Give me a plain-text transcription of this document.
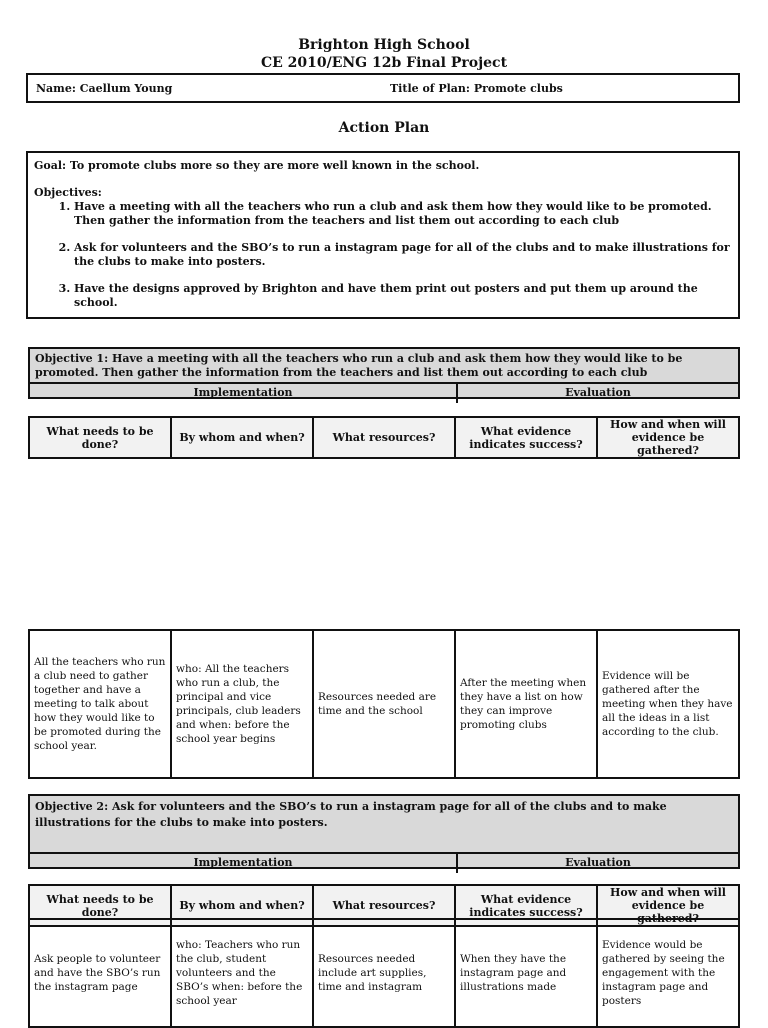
Brighton High School
CE 2010/ENG 12b Final Project
Name: Caellum Young	Title of Plan: Promote clubs
Action Plan

Goal: To promote clubs more so they are more well known in the school.

Objectives:

1. Have a meeting with all the teachers who run a club and ask them how they would like to be promoted. Then gather the information from the teachers and list them out according to each club
2. Ask for volunteers and the SBO’s to run a instagram page for all of the clubs and to make illustrations for the clubs to make into posters.
3. Have the designs approved by Brighton and have them print out posters and put them up around the school.
Objective 1: Have a meeting with all the teachers who run a club and ask them how they would like to be promoted. Then gather the information from the teachers and list them out according to each club
Implementation	Evaluation
What needs to be done?	By whom and when?	What resources?	What evidence indicates success?	How and when will evidence be gathered?
All the teachers who run a club need to gather together and have a meeting to talk about how they would like to be promoted during the school year.	who: All the teachers who run a club, the principal and vice principals, club leaders and when: before the school year begins	Resources needed are time and the school	After the meeting when they have a list on how they can improve promoting clubs	Evidence will be gathered after the meeting when they have all the ideas in a list according to the club.
Objective 2: Ask for volunteers and the SBO’s to run a instagram page for all of the clubs and to make illustrations for the clubs to make into posters.
Implementation	Evaluation
What needs to be done?	By whom and when?	What resources?	What evidence indicates success?	How and when will evidence be gathered?
Ask people to volunteer and have the SBO’s run the instagram page	who: Teachers who run the club, student volunteers and the SBO’s when: before the school year	Resources needed include art supplies, time and instagram	When they have the instagram page and illustrations made	Evidence would be gathered by seeing the engagement with the instagram page and posters
